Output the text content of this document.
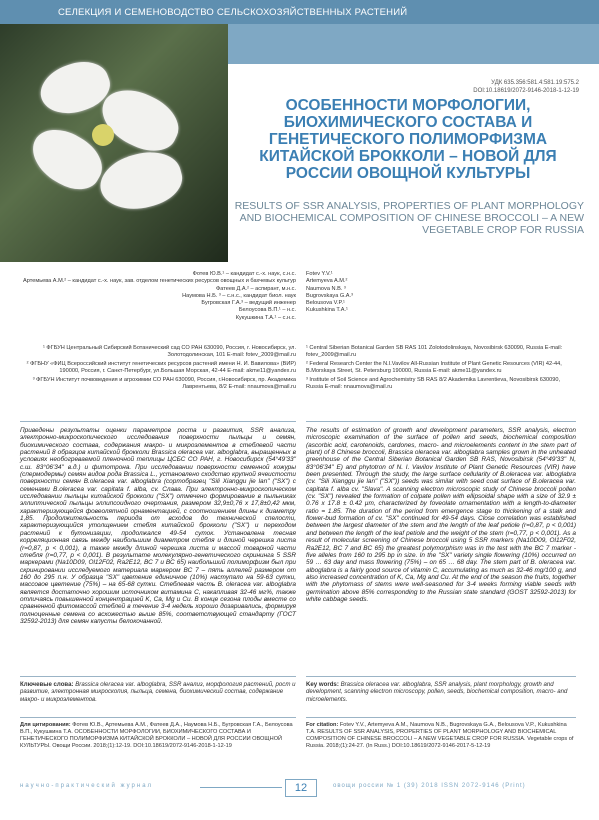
СЕЛЕКЦИЯ И СЕМЕНОВОДСТВО СЕЛЬСКОХОЗЯЙСТВЕННЫХ РАСТЕНИЙ
УДК 635.356:581.4:581.19:575.2
DOI:10.18619/2072-9146-2018-1-12-19
ОСОБЕННОСТИ МОРФОЛОГИИ, БИОХИМИЧЕСКОГО СОСТАВА И ГЕНЕТИЧЕСКОГО ПОЛИМОРФИЗМА КИТАЙСКОЙ БРОККОЛИ – НОВОЙ ДЛЯ РОССИИ ОВОЩНОЙ КУЛЬТУРЫ
RESULTS OF SSR ANALYSIS, PROPERTIES OF PLANT MORPHOLOGY AND BIOCHEMICAL COMPOSITION OF CHINESE BROCCOLI – A NEW VEGETABLE CROP FOR RUSSIA
Фотев Ю.В.¹ – кандидат с.-х. наук, с.н.с.
Артемьева А.М.² – кандидат с.-х. наук, зав. отделом генетических ресурсов овощных и бахчевых культур
Фатеев Д.А.² – аспирант, м.н.с.
Наумова Н.Б. ³ – с.н.с., кандидат биол. наук
Бугровская Г.А.³ – ведущий инженер
Белоусова В.П.¹ – н.с.
Кукушкина Т.А.¹ – с.н.с.
Fotev Y.V.¹
Artemyeva A.M.²
Naumova N.B. ³
Bugrovskaya G.A.³
Belousova V.P.¹
Kukushkina T.A.¹
¹ ФГБУН Центральный Сибирский Ботанический сад СО РАН 630090, Россия, г. Новосибирск, ул. Золотодолинская, 101 E-mail: fotev_2009@mail.ru
² ФГБНУ «ФИЦ Всероссийский институт генетических ресурсов растений имени Н. И. Вавилова» (ВИР) 190000, Россия, г. Санкт-Петербург, ул.Большая Морская, 42-44 E-mail: akme11@yandex.ru
³ ФГБУН Институт почвоведения и агрохимии СО РАН 630090, Россия, г.Новосибирск, пр. Академика Лаврентьева, 8/2 E-mail: nnaumova@mail.ru
¹ Central Siberian Botanical Garden SB RAS 101 Zolotodolinskaya, Novosibirsk 630090, Russia E-mail: fotev_2009@mail.ru
² Federal Research Center the N.I.Vavilov All-Russian Institute of Plant Genetic Resources (VIR) 42-44, B.Morskaya Street, St. Petersburg 190000, Russia E-mail: akme11@yandex.ru
³ Institute of Soil Science and Agrochemistry SB RAS 8/2 Akademika Lavrentieva, Novosibirsk 630090, Russia E-mail: nnaumova@mail.ru
Приведены результаты оценки параметров роста и развития, SSR анализа, электронно-микроскопического исследования поверхности пыльцы и семян, биохимического состава, содержания макро- и микроэлементов в стеблевой части растений 8 образцов китайской брокколи Brassica oleracea var. alboglabra, выращенных в условиях необогреваемой пленочной теплицы ЦСБС СО РАН, г. Новосибирск (54°49'33'' с.ш. 83°06'34'' в.д.) и фитотрона. При исследовании поверхности семенной кожуры (спермодермы) семян видов рода Brassica L., установлено сходство крупной ячеистости поверхности семян B.oleracea var. alboglabra (сортобразец "Sili Xianggu jie lan" ("SX") с семенами B.oleracea var. capitata f. alba, cv. Слава. При электронно-микроскопическом исследовании пыльцы китайской брокколи ("SX") отмечено формирование в пыльниках эллиптической пыльцы эллипсоидного очертания, размером 32,9±0,76 x 17,8±0,42 мкм, характеризующейся фовеолятной орнаментацией, с соотношением длины к диаметру 1,85. Продолжительность периода от всходов до технической спелости, характеризующийся утолщением стебля китайской брокколи ("SX") и переходом растений к бутонизации, продолжался 49-54 суток. Установлена тесная корреляционная связь между наибольшим диаметром стебля и длиной черешка листа (r=0,87, p < 0,001), а также между длиной черешка листа и массой товарной части стебля (r=0,77, p < 0,001). В результате молекулярно-генетического скрининга 5 SSR маркерами (Na10D09, Ol12F02, Ra2E12, ВС 7 и ВС 65) наибольший полиморфизм был при скринировании исследуемого материала маркером ВС 7 – пять аллелей размером от 160 до 295 п.н. У образца "SX" цветение единичное (10%) наступало на 59-63 сутки, массовое цветение (75%) – на 65-68 сутки. Стеблевая часть B. oleracea var. alboglabra является достаточно хорошим источником витамина С, накапливая 32-46 мг%, также отличаясь повышенной концентрацией K, Ca, Mg и Cu. В конце сезона плоды вместе со сравненной фитомассой стеблей в течение 3-4 недель хорошо дозаривались, формируя полноценные семена со всхожестью выше 85%, соответствующей стандарту (ГОСТ 32592-2013) для семян капусты белокочанной.
The results of estimation of growth and development parameters, SSR analysis, electron microscopic examination of the surface of pollen and seeds, biochemical composition (ascorbic acid, carotenoids, cardones, macro- and microelements content in the stem part of plant) of 8 Chinese broccoli, Brassica oleracea var. alboglabra samples grown in the unheated greenhouse of the Central Siberian Botanical Garden SB RAS, Novosibirsk (54°49'33'' N, 83°06'34'' E) and phytotron of N. I. Vavilov Institute of Plant Genetic Resources (VIR) have been presented. Through the study, the large surface cellularity of B.oleracea var. alboglabra (cv. "Sili Xianggu jie lan" ("SX")) seeds was similar with seed coat surface of B.oleracea var. capitata f. alba cv. "Slava". A scanning electron microscopic study of Chinese broccoli pollen (cv. "SX") revealed the formation of colpate pollen with ellipsoidal shape with a size of 32.9 ± 0.76 x 17.8 ± 0.42 μm, characterized by foveolate ornamentation with a length-to-diameter ratio = 1.85. The duration of the period from emergence stage to thickening of a stalk and flower-bud formation of cv. "SX" continued for 49-54 days. Close correlation was established between the largest diameter of the stem and the length of the leaf petiole (r=0,87, p < 0,001) and between the length of the leaf petiole and the weight of the stem (r=0,77, p < 0,001). As a result of molecular screening of Chinese broccoli using 5 SSR markers (Na10D09, Ol12F02, Ra2E12, BC 7 and BC 65) the greatest polymorphism was in the test with the BC 7 marker - five alleles from 160 to 295 bp in size. In the "SX" variety single flowering (10%) occurred on 59 … 63 day and mass flowering (75%) – on 65 … 68 day. The stem part of B. oleracea var. alboglabra is a fairly good source of vitamin C, accumulating as much as 32-46 mg/100 g, and also increased concentration of K, Ca, Mg and Cu. At the end of the season the fruits, together with the phytomass of stems were well-seasoned for 3-4 weeks forming viable seeds with germination above 85% corresponding to the Russian state standard (GOST 32592-2013) for white cabbage seeds.
Ключевые слова: Brassica oleracea var. alboglabra, SSR анализ, морфология растений, рост и развитие, электронная микроскопия, пыльца, семена, биохимический состав, содержание макро- и микроэлементов.
Key words: Brassica oleracea var. alboglabra, SSR analysis, plant morphology, growth and development, scanning electron microscopy, pollen, seeds, biochemical composition, macro- and microelements.
Для цитирования: Фотев Ю.В., Артемьева А.М., Фатеев Д.А., Наумова Н.Б., Бугровская Г.А., Белоусова В.П., Кукушкина Т.А. ОСОБЕННОСТИ МОРФОЛОГИИ, БИОХИМИЧЕСКОГО СОСТАВА И ГЕНЕТИЧЕСКОГО ПОЛИМОРФИЗМА КИТАЙСКОЙ БРОККОЛИ – НОВОЙ ДЛЯ РОССИИ ОВОЩНОЙ КУЛЬТУРЫ. Овощи России. 2018;(1):12-19. DOI:10.18619/2072-9146-2018-1-12-19
For citation: Fotev Y.V., Artemyeva A.M., Naumova N.B., Bugrovskaya G.A., Belousova V.P., Kukushkina T.A. RESULTS OF SSR ANALYSIS, PROPERTIES OF PLANT MORPHOLOGY AND BIOCHEMICAL COMPOSITION OF CHINESE BROCCOLI – A NEW VEGETABLE CROP FOR RUSSIA. Vegetable crops of Russia. 2018;(1):24-27. (In Russ.) DOI:10.18619/2072-9146-2017-5-12-19
научно-практический журнал	12	овощи россии № 1 (39) 2018 ISSN 2072-9146 (Print)
